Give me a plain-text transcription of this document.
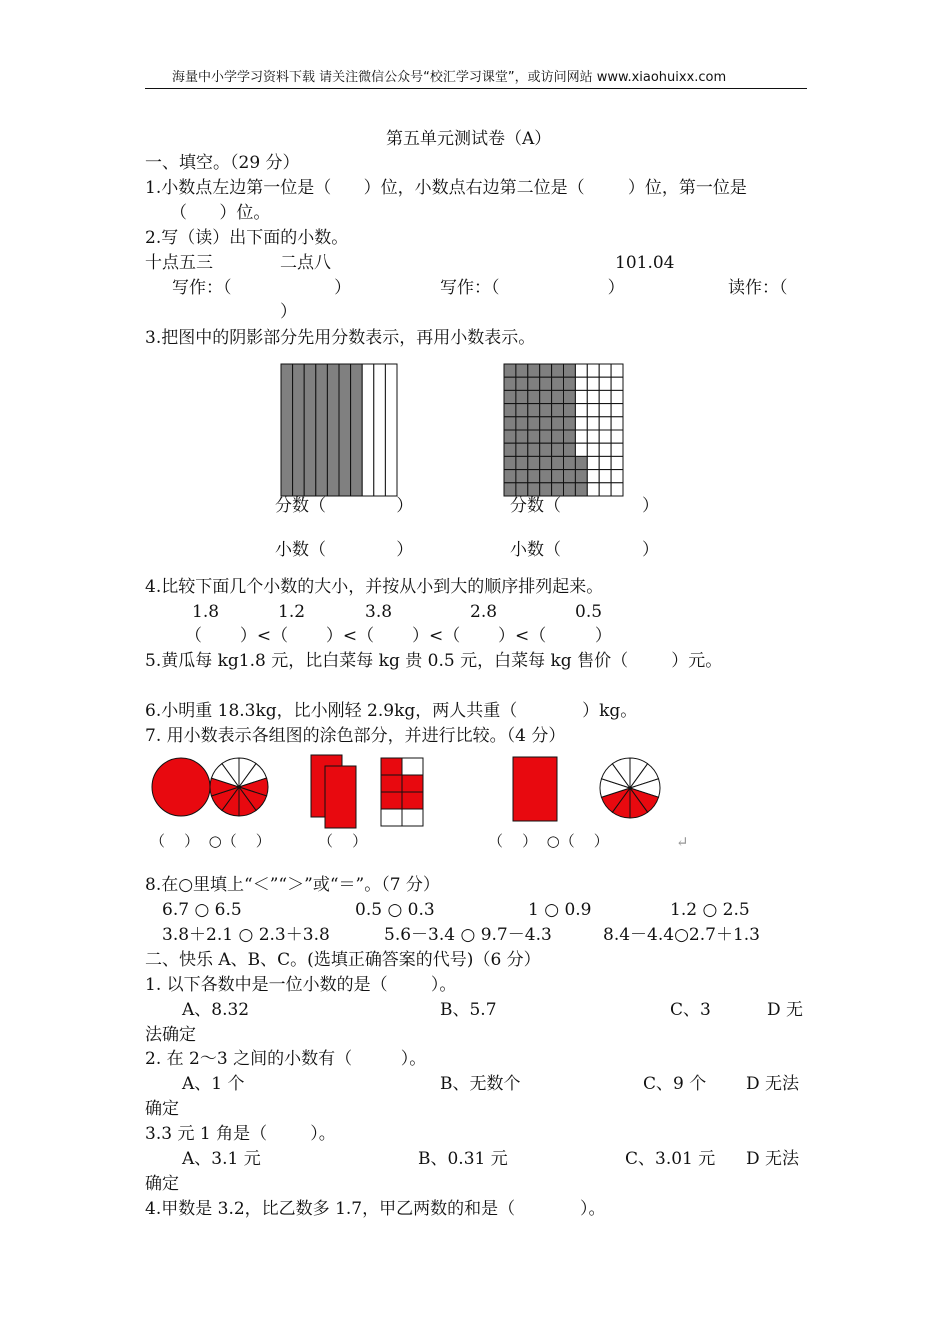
海量中小学学习资料下载 请关注微信公众号“校汇学习课堂”，或访问网站 www.xiaohuixx.com
第五单元测试卷（A）
一、填空。（29 分）
1.小数点左边第一位是（      ）位，小数点右边第二位是（        ）位，第一位是
（      ）位。
2.写（读）出下面的小数。
十点五三	二点八	101.04
写作：（                   ）	写作：（                    ）	读作：（
）
3.把图中的阴影部分先用分数表示，再用小数表示。
分数（             ）	分数（               ）
小数（             ）	小数（               ）
4.比较下面几个小数的大小，并按从小到大的顺序排列起来。
1.8	1.2	3.8	2.8	0.5
（       ）<（       ）<（       ）<（       ）<（         ）
5.黄瓜每 kg1.8 元，比白菜每 kg 贵 0.5 元，白菜每 kg 售价（        ）元。
6.小明重 18.3kg，比小刚轻 2.9kg，两人共重（            ）kg。
7. 用小数表示各组图的涂色部分，并进行比较。（4 分）
（    ）  ○（    ）	（    ）	（    ）  ○（    ）	↵
8.在○里填上“＜”“＞”或“＝”。（7 分）
6.7 ○ 6.5	0.5 ○ 0.3	1 ○ 0.9	1.2 ○ 2.5
3.8＋2.1 ○ 2.3＋3.8	5.6－3.4 ○ 9.7－4.3	8.4－4.4○2.7＋1.3
二、快乐 A、B、C。(选填正确答案的代号)（6 分）
1. 以下各数中是一位小数的是（        ）。
A、8.32	B、5.7	C、3	D 无
法确定
2. 在 2～3 之间的小数有（         ）。
A、1 个	B、无数个	C、9 个 D 无法
确定
3.3 元 1 角是（        ）。
A、3.1 元	B、0.31 元	C、3.01 元 D 无法
确定
4.甲数是 3.2，比乙数多 1.7，甲乙两数的和是（            ）。
